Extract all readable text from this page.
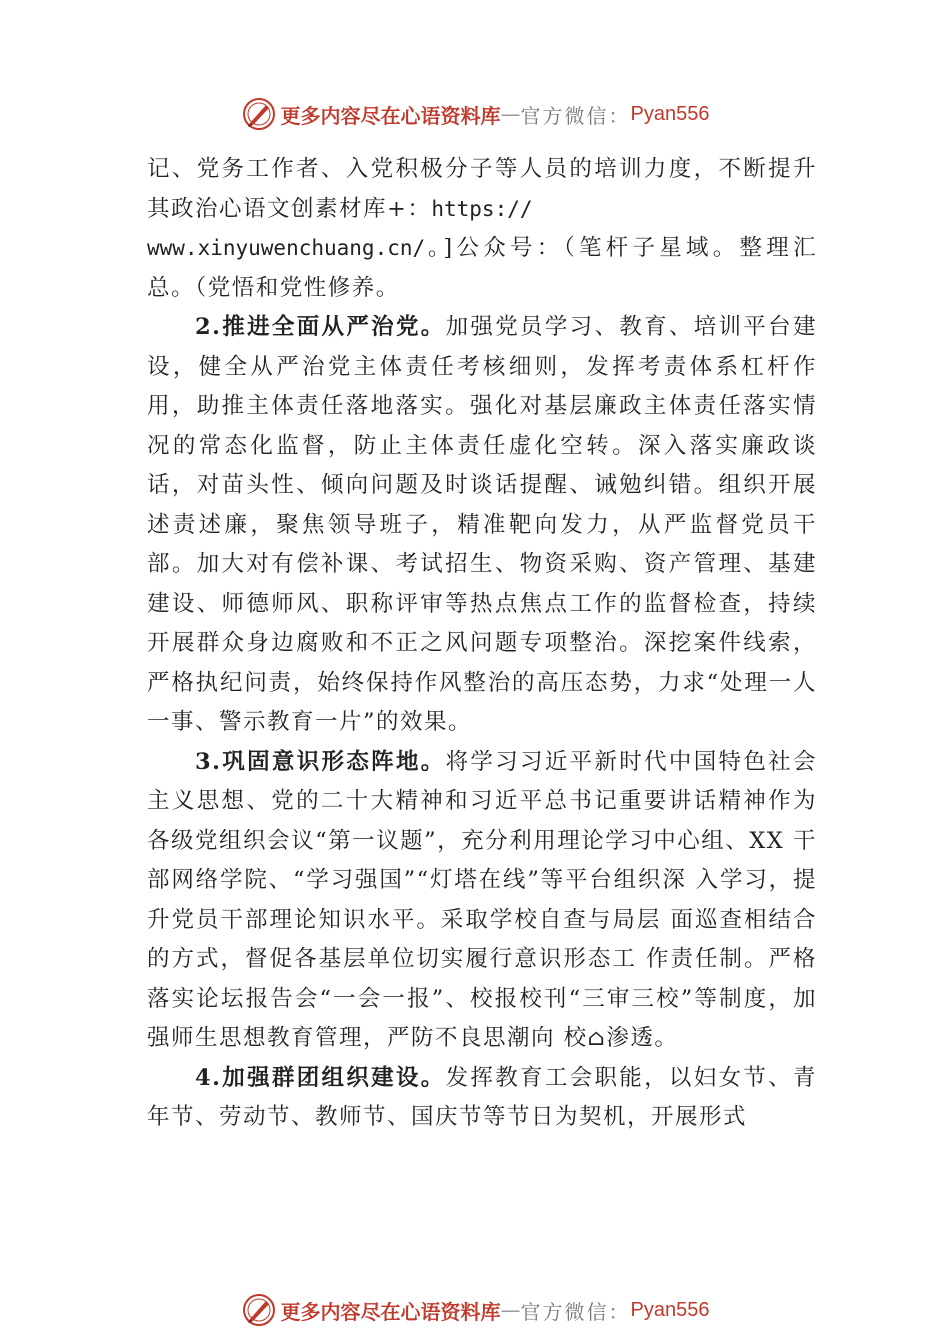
更多内容尽在心语资料库 — 官方微信： Pyan556

记、党务工作者、入党积极分子等人员的培训力度，不断提升其政治心语文创素材库+：https://
www.xinyuwenchuang.cn/。]公众号：（笔杆子星域。整理汇总。（党悟和党性修养。

2.推进全面从严治党。加强党员学习、教育、培训平台建设，健全从严治党主体责任考核细则，发挥考责体系杠杆作用，助推主体责任落地落实。强化对基层廉政主体责任落实情况的常态化监督，防止主体责任虚化空转。深入落实廉政谈话，对苗头性、倾向问题及时谈话提醒、诫勉纠错。组织开展述责述廉，聚焦领导班子，精准靶向发力，从严监督党员干部。加大对有偿补课、考试招生、物资采购、资产管理、基建建设、师德师风、职称评审等热点焦点工作的监督检查，持续开展群众身边腐败和不正之风问题专项整治。深挖案件线索，严格执纪问责，始终保持作风整治的高压态势，力求“处理一人一事、警示教育一片”的效果。

3.巩固意识形态阵地。将学习习近平新时代中国特色社会主义思想、党的二十大精神和习近平总书记重要讲话精神作为各级党组织会议“第一议题”，充分利用理论学习中心组、XX 干部网络学院、“学习强国”“灯塔在线”等平台组织深 入学习，提升党员干部理论知识水平。采取学校自查与局层 面巡查相结合的方式，督促各基层单位切实履行意识形态工 作责任制。严格落实论坛报告会“一会一报”、校报校刊“三审三校”等制度，加强师生思想教育管理，严防不良思潮向 校⌂渗透。

4.加强群团组织建设。发挥教育工会职能，以妇女节、青年节、劳动节、教师节、国庆节等节日为契机，开展形式

更多内容尽在心语资料库 — 官方微信： Pyan556
